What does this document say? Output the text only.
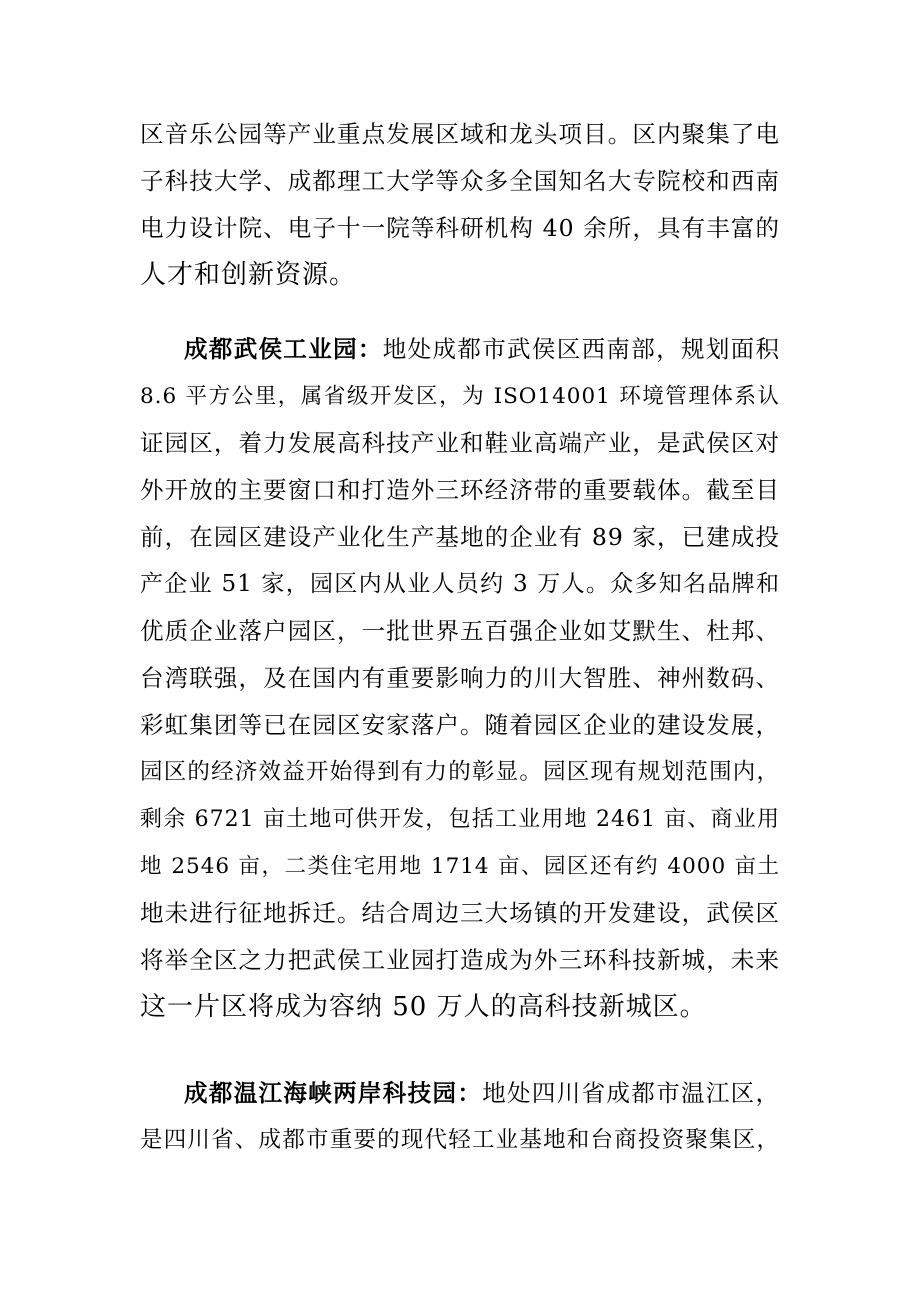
区音乐公园等产业重点发展区域和龙头项目。区内聚集了电
子科技大学、成都理工大学等众多全国知名大专院校和西南
电力设计院、电子十一院等科研机构 40 余所，具有丰富的
人才和创新资源。
成都武侯工业园：地处成都市武侯区西南部，规划面积
8.6 平方公里，属省级开发区，为 ISO14001 环境管理体系认
证园区，着力发展高科技产业和鞋业高端产业，是武侯区对
外开放的主要窗口和打造外三环经济带的重要载体。截至目
前，在园区建设产业化生产基地的企业有 89 家，已建成投
产企业 51 家，园区内从业人员约 3 万人。众多知名品牌和
优质企业落户园区，一批世界五百强企业如艾默生、杜邦、
台湾联强，及在国内有重要影响力的川大智胜、神州数码、
彩虹集团等已在园区安家落户。随着园区企业的建设发展，
园区的经济效益开始得到有力的彰显。园区现有规划范围内，
剩余 6721 亩土地可供开发，包括工业用地 2461 亩、商业用
地 2546 亩，二类住宅用地 1714 亩、园区还有约 4000 亩土
地未进行征地拆迁。结合周边三大场镇的开发建设，武侯区
将举全区之力把武侯工业园打造成为外三环科技新城，未来
这一片区将成为容纳 50 万人的高科技新城区。
成都温江海峡两岸科技园：地处四川省成都市温江区，
是四川省、成都市重要的现代轻工业基地和台商投资聚集区，
